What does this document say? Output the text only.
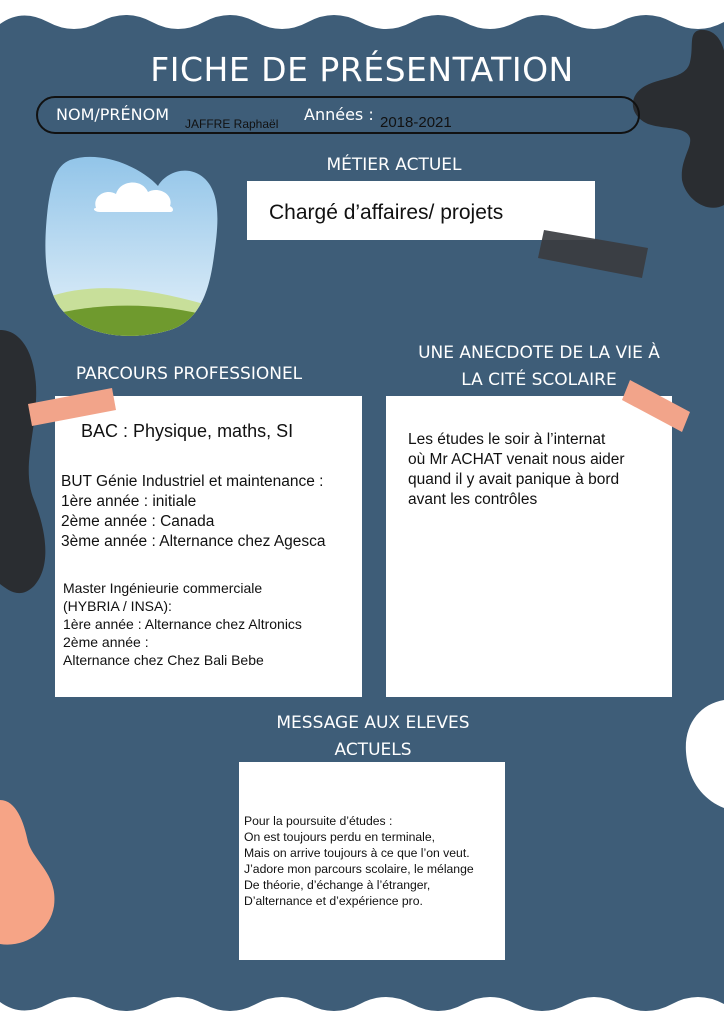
FICHE DE PRÉSENTATION
NOM/PRÉNOM JAFFRE Raphaël Années : 2018-2021
MÉTIER ACTUEL
Chargé d’affaires/ projets
PARCOURS PROFESSIONEL
BAC : Physique, maths, SI
BUT Génie Industriel et maintenance :
1ère année : initiale
2ème année : Canada
3ème année : Alternance chez Agesca
Master Ingénieurie commerciale
(HYBRIA / INSA):
1ère année : Alternance chez Altronics
2ème année :
Alternance chez Chez Bali Bebe
UNE ANECDOTE DE LA VIE À
LA CITÉ SCOLAIRE
Les études le soir à l’internat
où Mr ACHAT venait nous aider
quand il y avait panique à bord
avant les contrôles
MESSAGE AUX ELEVES
ACTUELS
Pour la poursuite d’études :
On est toujours perdu en terminale,
Mais on arrive toujours à ce que l’on veut.
J’adore mon parcours scolaire, le mélange
De théorie, d’échange à l’étranger,
D’alternance et d’expérience pro.
